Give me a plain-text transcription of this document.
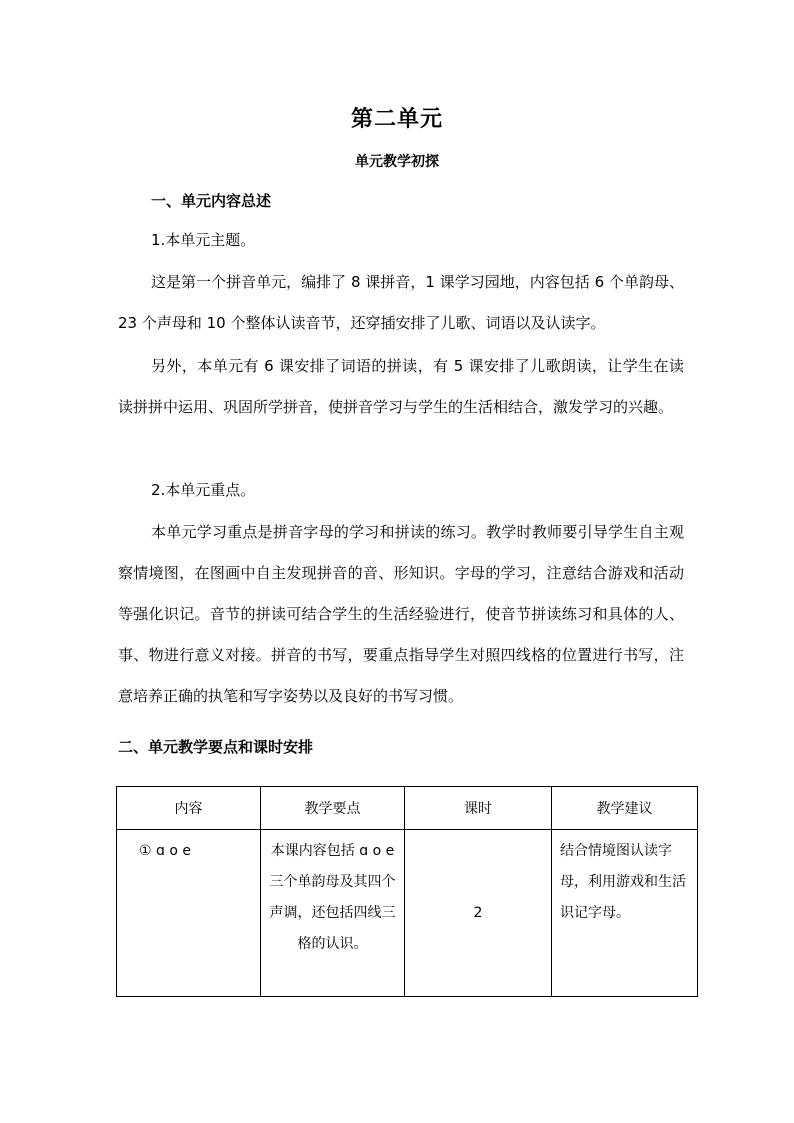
第二单元
单元教学初探
一、单元内容总述
1.本单元主题。
这是第一个拼音单元，编排了 8 课拼音，1 课学习园地，内容包括 6 个单韵母、23 个声母和 10 个整体认读音节，还穿插安排了儿歌、词语以及认读字。
另外，本单元有 6 课安排了词语的拼读，有 5 课安排了儿歌朗读，让学生在读读拼拼中运用、巩固所学拼音，使拼音学习与学生的生活相结合，激发学习的兴趣。
2.本单元重点。
本单元学习重点是拼音字母的学习和拼读的练习。教学时教师要引导学生自主观察情境图，在图画中自主发现拼音的音、形知识。字母的学习，注意结合游戏和活动等强化识记。音节的拼读可结合学生的生活经验进行，使音节拼读练习和具体的人、事、物进行意义对接。拼音的书写，要重点指导学生对照四线格的位置进行书写，注意培养正确的执笔和写字姿势以及良好的书写习惯。
二、单元教学要点和课时安排
内容	教学要点	课时	教学建议

① ɑ o e	本课内容包括 ɑ o e 三个单韵母及其四个声调，还包括四线三格的认识。	2	结合情境图认读字母，利用游戏和生活识记字母。
